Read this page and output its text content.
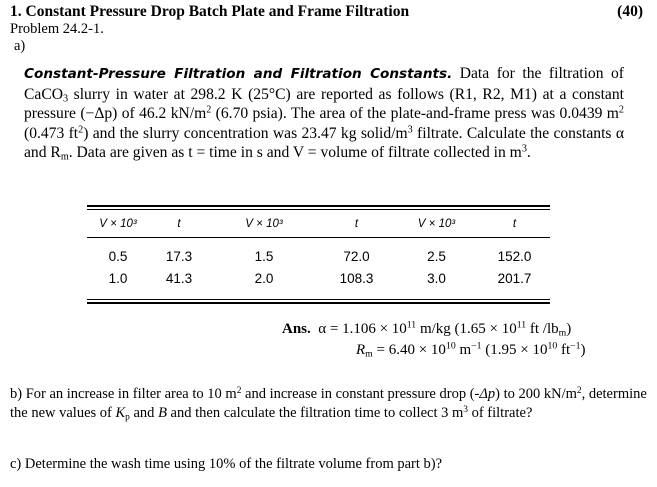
1. Constant Pressure Drop Batch Plate and Frame Filtration	(40)
Problem 24.2-1.
a)
Constant-Pressure Filtration and Filtration Constants. Data for the filtration of CaCO$_3$ slurry in water at 298.2 K (25°C) are reported as follows (R1, R2, M1) at a constant pressure (−Δp) of 46.2 $kN/m^2$ (6.70 psia). The area of the plate-and-frame press was 0.0439 $m^2$ (0.473 $ft^2$) and the slurry concentration was 23.47 kg solid/$m^3$ filtrate. Calculate the constants α and $R_m$. Data are given as t = time in s and V = volume of filtrate collected in $m^3$.
V × 10³	t	V × 10³	t	V × 10³	t

0.5	17.3	1.5	72.0	2.5	152.0
1.0	41.3	2.0	108.3	3.0	201.7
Ans. $\alpha = 1.106 \times 10^{11}$ m/kg ($1.65 \times 10^{11}$ ft $/lb_m$)
$R_m = 6.40 \times 10^{10}$ $m^{-1}$ ($1.95 \times 10^{10}$ $ft^{-1}$)
b) For an increase in filter area to 10 $m^2$ and increase in constant pressure drop (-Δp) to 200 $kN/m^2$, determine the new values of $K_p$ and B and then calculate the filtration time to collect 3 $m^3$ of filtrate?
c) Determine the wash time using 10% of the filtrate volume from part b)?
